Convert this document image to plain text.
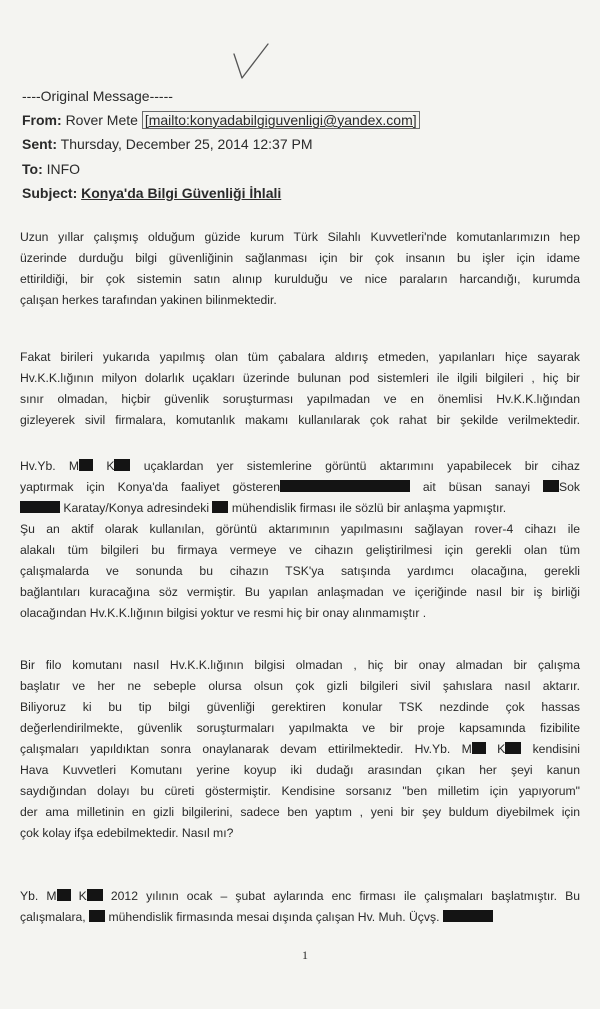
----Original Message-----
From: Rover Mete [mailto:konyadabilgiguvenligi@yandex.com]
Sent: Thursday, December 25, 2014 12:37 PM
To: INFO
Subject: Konya'da Bilgi Güvenliği İhlali

Uzun yıllar çalışmış olduğum güzide kurum Türk Silahlı Kuvvetleri'nde komutanlarımızın hep

üzerinde durduğu bilgi güvenliğinin sağlanması için bir çok insanın bu işler için idame

ettirildiği, bir çok sistemin satın alınıp kurulduğu ve nice paraların harcandığı, kurumda

çalışan herkes tarafından yakinen bilinmektedir.

Fakat birileri yukarıda yapılmış olan tüm çabalara aldırış etmeden, yapılanları hiçe sayarak

Hv.K.K.lığının milyon dolarlık uçakları üzerinde bulunan pod sistemleri ile ilgili bilgileri , hiç bir

sınır olmadan, hiçbir güvenlik soruşturması yapılmadan ve en önemlisi Hv.K.K.lığından

gizleyerek sivil firmalara, komutanlık makamı kullanılarak çok rahat bir şekilde verilmektedir.

Hv.Yb. M K uçaklardan yer sistemlerine görüntü aktarımını yapabilecek bir cihaz

yaptırmak için Konya'da faaliyet gösteren	ait büsan sanayi Sok

Karatay/Konya adresindeki  mühendislik firması ile sözlü bir anlaşma yapmıştır.

Şu an aktif olarak kullanılan, görüntü aktarımının yapılmasını sağlayan rover-4 cihazı ile

alakalı tüm bilgileri bu firmaya vermeye ve cihazın geliştirilmesi için gerekli olan tüm

çalışmalarda ve sonunda bu cihazın TSK'ya satışında yardımcı olacağına, gerekli

bağlantıları kuracağına söz vermiştir. Bu yapılan anlaşmadan ve içeriğinde nasıl bir iş birliği

olacağından Hv.K.K.lığının bilgisi yoktur ve resmi hiç bir onay alınmamıştır .

Bir filo komutanı nasıl Hv.K.K.lığının bilgisi olmadan , hiç bir onay almadan bir çalışma

başlatır ve her ne sebeple olursa olsun çok gizli bilgileri sivil şahıslara nasıl aktarır.

Biliyoruz ki bu tip bilgi güvenliği gerektiren konular TSK nezdinde çok hassas

değerlendirilmekte, güvenlik soruşturmaları yapılmakta ve bir proje kapsamında fizibilite

çalışmaları yapıldıktan sonra onaylanarak devam ettirilmektedir. Hv.Yb. M K kendisini

Hava Kuvvetleri Komutanı yerine koyup iki dudağı arasından çıkan her şeyi kanun

saydığından dolayı bu cüreti göstermiştir. Kendisine sorsanız "ben milletim için yapıyorum"

der ama milletinin en gizli bilgilerini, sadece ben yaptım , yeni bir şey buldum diyebilmek için

çok kolay ifşa edebilmektedir. Nasıl mı?

Yb. M K 2012 yılının ocak – şubat aylarında enc firması ile çalışmaları başlatmıştır. Bu

çalışmalara,  mühendislik firmasında mesai dışında çalışan Hv. Muh. Üçvş.

1
